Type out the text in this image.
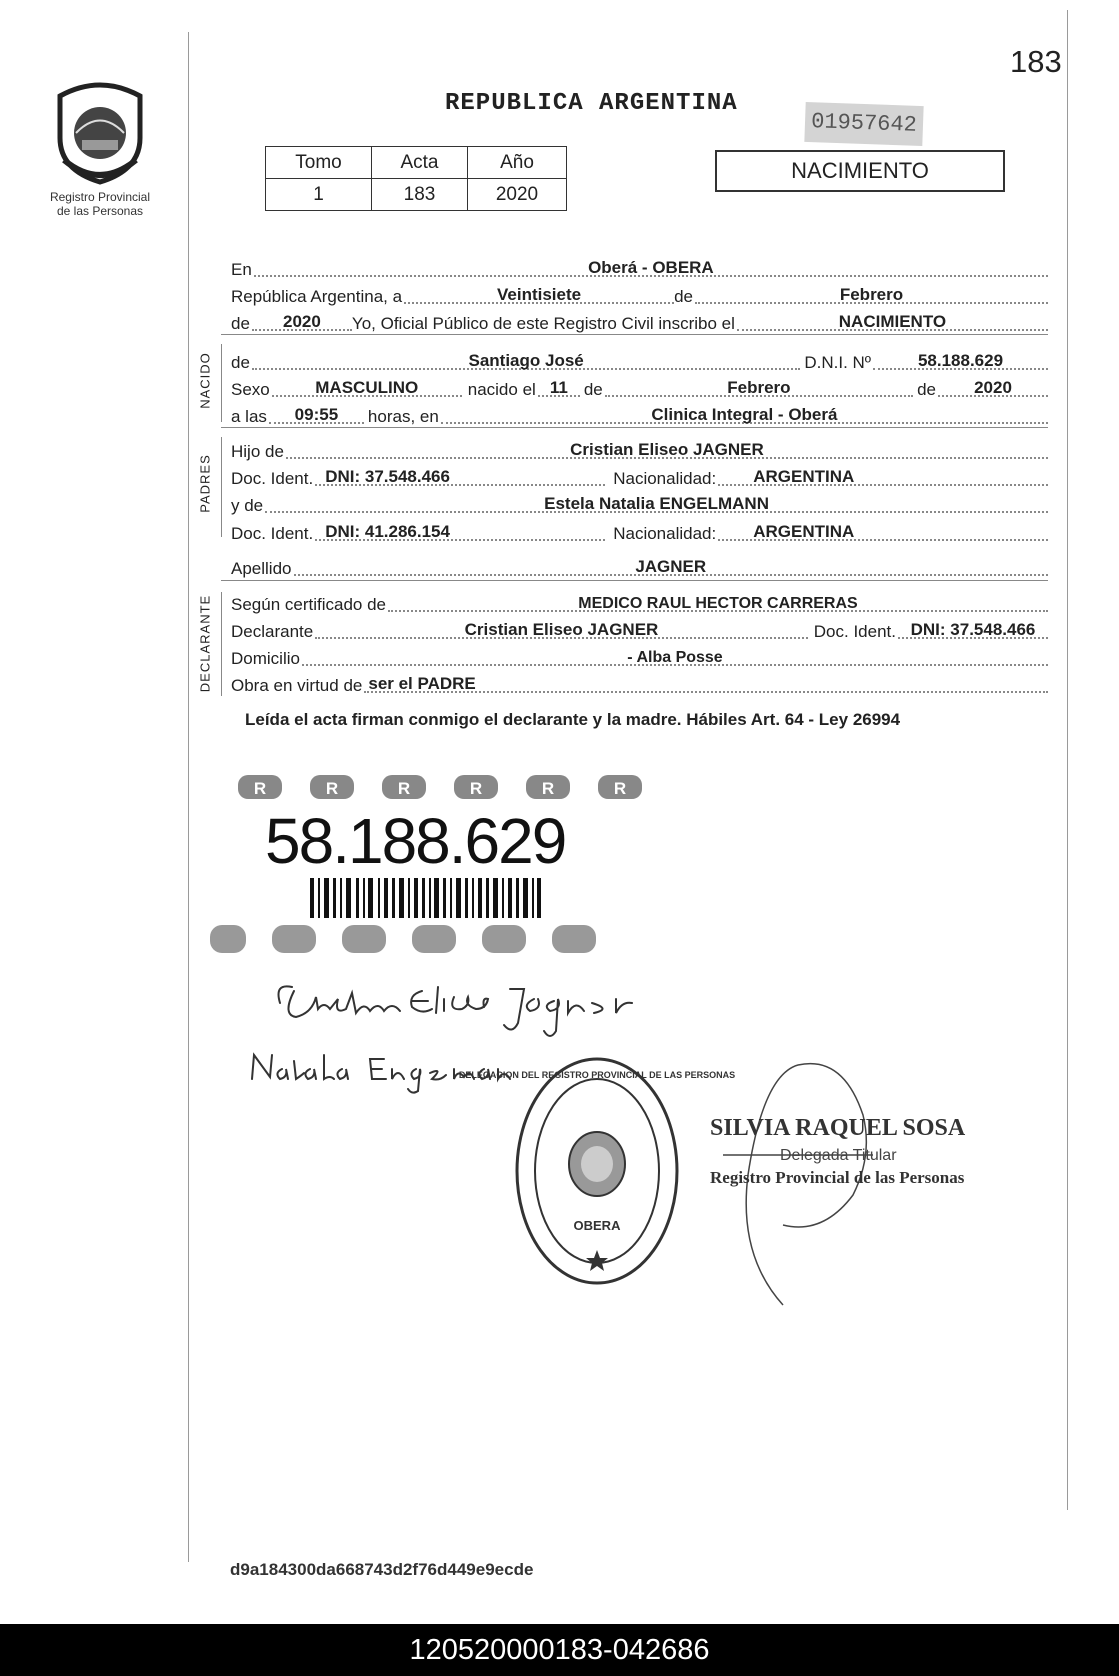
183
Registro Provincial
de las Personas
REPUBLICA ARGENTINA
01957642
Tomo	Acta	Año
1	183	2020
NACIMIENTO
En	Oberá - OBERA
República Argentina, a	Veintisiete	de	Febrero
de	2020	Yo, Oficial Público de este Registro Civil inscribo el	NACIMIENTO
NACIDO de	Santiago José	D.N.I. Nº	58.188.629
Sexo	MASCULINO	nacido el 11 de	Febrero	de	2020
a las	09:55	horas, en	Clinica Integral - Oberá
PADRES
Hijo de	Cristian Eliseo JAGNER
Doc. Ident. DNI: 37.548.466	Nacionalidad:	ARGENTINA
y de	Estela Natalia ENGELMANN
Doc. Ident. DNI: 41.286.154	Nacionalidad:	ARGENTINA
Apellido	JAGNER
DECLARANTE Según certificado de	MEDICO RAUL HECTOR CARRERAS
Declarante	Cristian Eliseo JAGNER	Doc. Ident. DNI: 37.548.466
Domicilio	- Alba Posse
Obra en virtud de ser el PADRE
Leída el acta firman conmigo el declarante y la madre. Hábiles Art. 64 - Ley 26994
R	R	R	R	R	R
58.188.629
OBERA
DELEGACION DEL REGISTRO PROVINCIAL DE LAS PERSONAS
SILVIA RAQUEL SOSA
Delegada Titular
Registro Provincial de las Personas
d9a184300da668743d2f76d449e9ecde
120520000183-042686
